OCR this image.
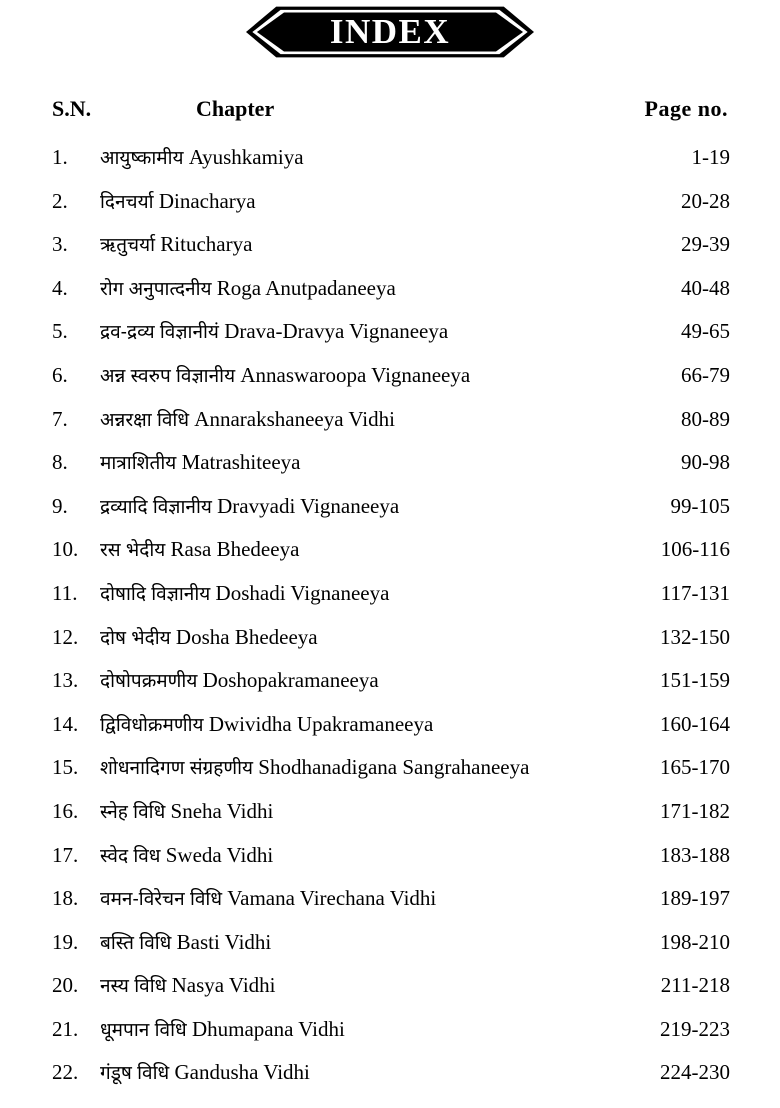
INDEX
S.N.	Chapter	Page no.
1.	आयुष्कामीय Ayushkamiya	1-19
2.	दिनचर्या Dinacharya	20-28
3.	ऋतुचर्या Ritucharya	29-39
4.	रोग अनुपात्दनीय Roga Anutpadaneeya	40-48
5.	द्रव-द्रव्य विज्ञानीयं Drava-Dravya Vignaneeya	49-65
6.	अन्न स्वरुप विज्ञानीय Annaswaroopa Vignaneeya	66-79
7.	अन्नरक्षा विधि Annarakshaneeya Vidhi	80-89
8.	मात्राशितीय Matrashiteeya	90-98
9.	द्रव्यादि विज्ञानीय Dravyadi Vignaneeya	99-105
10.	रस भेदीय Rasa Bhedeeya	106-116
11.	दोषादि विज्ञानीय Doshadi Vignaneeya	117-131
12.	दोष भेदीय Dosha Bhedeeya	132-150
13.	दोषोपक्रमणीय Doshopakramaneeya	151-159
14.	द्विविधोक्रमणीय Dwividha Upakramaneeya	160-164
15.	शोधनादिगण संग्रहणीय Shodhanadigana Sangrahaneeya	165-170
16.	स्नेह विधि Sneha Vidhi	171-182
17.	स्वेद विध Sweda Vidhi	183-188
18.	वमन-विरेचन विधि Vamana Virechana Vidhi	189-197
19.	बस्ति विधि Basti Vidhi	198-210
20.	नस्य विधि Nasya Vidhi	211-218
21.	धूमपान विधि Dhumapana Vidhi	219-223
22.	गंडूष विधि Gandusha Vidhi	224-230
